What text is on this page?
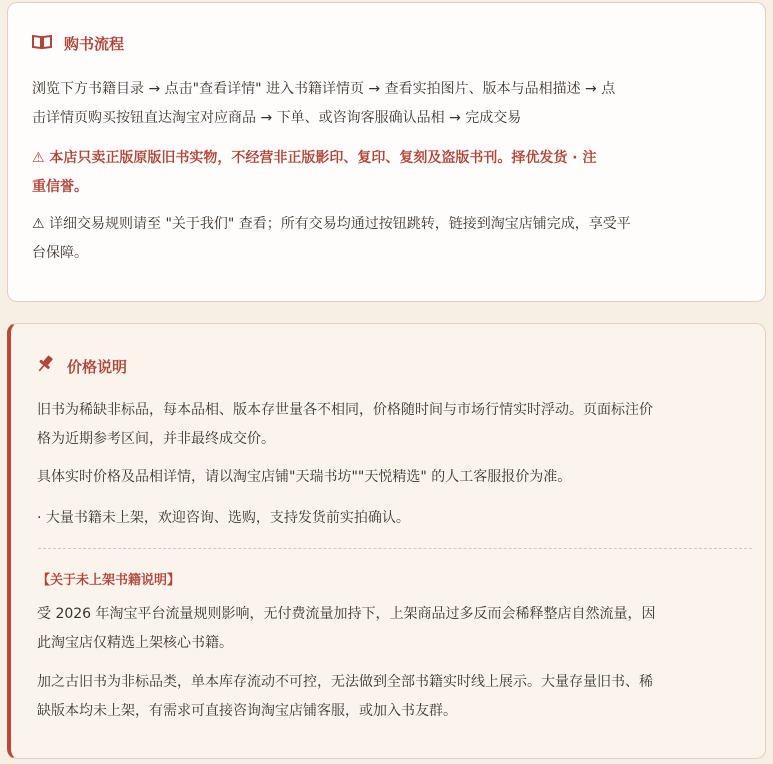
购书流程
浏览下方书籍目录 → 点击"查看详情" 进入书籍详情页 → 查看实拍图片、版本与品相描述 → 点
击详情页购买按钮直达淘宝对应商品 → 下单、或咨询客服确认品相 → 完成交易
⚠ 本店只卖正版原版旧书实物，不经营非正版影印、复印、复刻及盗版书刊。择优发货 · 注
重信誉。
⚠ 详细交易规则请至 "关于我们" 查看；所有交易均通过按钮跳转，链接到淘宝店铺完成，享受平
台保障。
价格说明
旧书为稀缺非标品，每本品相、版本存世量各不相同，价格随时间与市场行情实时浮动。页面标注价
格为近期参考区间，并非最终成交价。
具体实时价格及品相详情，请以淘宝店铺"天瑞书坊""天悦精选" 的人工客服报价为准。
· 大量书籍未上架，欢迎咨询、选购，支持发货前实拍确认。
【关于未上架书籍说明】
受 2026 年淘宝平台流量规则影响，无付费流量加持下，上架商品过多反而会稀释整店自然流量，因
此淘宝店仅精选上架核心书籍。
加之古旧书为非标品类，单本库存流动不可控，无法做到全部书籍实时线上展示。大量存量旧书、稀
缺版本均未上架，有需求可直接咨询淘宝店铺客服，或加入书友群。
